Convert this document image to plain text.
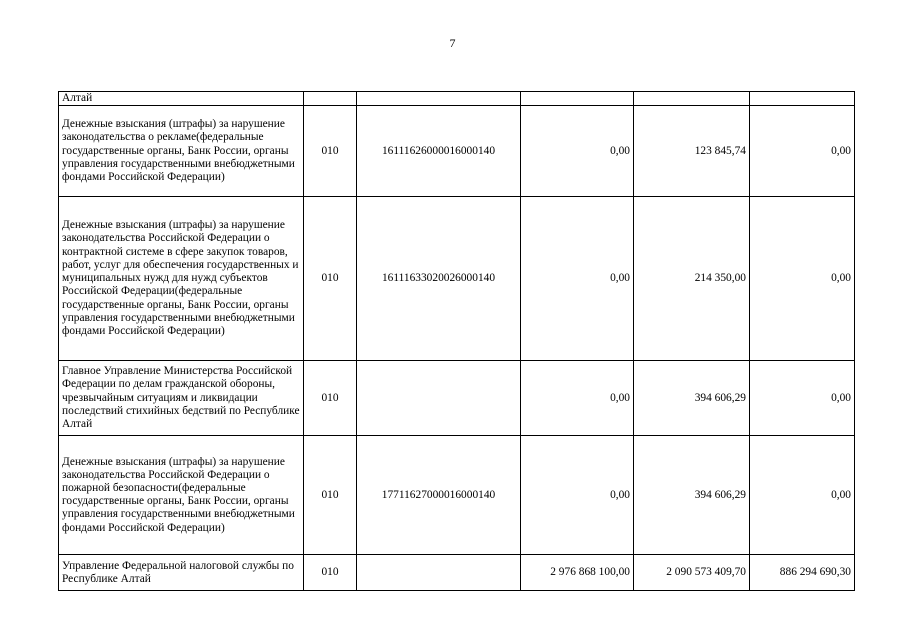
7
Алтай					
Денежные взыскания (штрафы) за нарушение законодательства о рекламе(федеральные государственные органы, Банк России, органы управления государственными внебюджетными фондами Российской Федерации)	010	16111626000016000140	0,00	123 845,74	0,00
Денежные взыскания (штрафы) за нарушение законодательства Российской Федерации о контрактной системе в сфере закупок товаров, работ, услуг для обеспечения государственных и муниципальных нужд для нужд субъектов Российской Федерации(федеральные государственные органы, Банк России, органы управления государственными внебюджетными фондами Российской Федерации)	010	16111633020026000140	0,00	214 350,00	0,00
Главное Управление Министерства Российской Федерации по делам гражданской обороны, чрезвычайным ситуациям и ликвидации последствий стихийных бедствий по Республике Алтай	010		0,00	394 606,29	0,00
Денежные взыскания (штрафы) за нарушение законодательства Российской Федерации о пожарной безопасности(федеральные государственные органы, Банк России, органы управления государственными внебюджетными фондами Российской Федерации)	010	17711627000016000140	0,00	394 606,29	0,00
Управление Федеральной налоговой службы по Республике Алтай	010		2 976 868 100,00	2 090 573 409,70	886 294 690,30
